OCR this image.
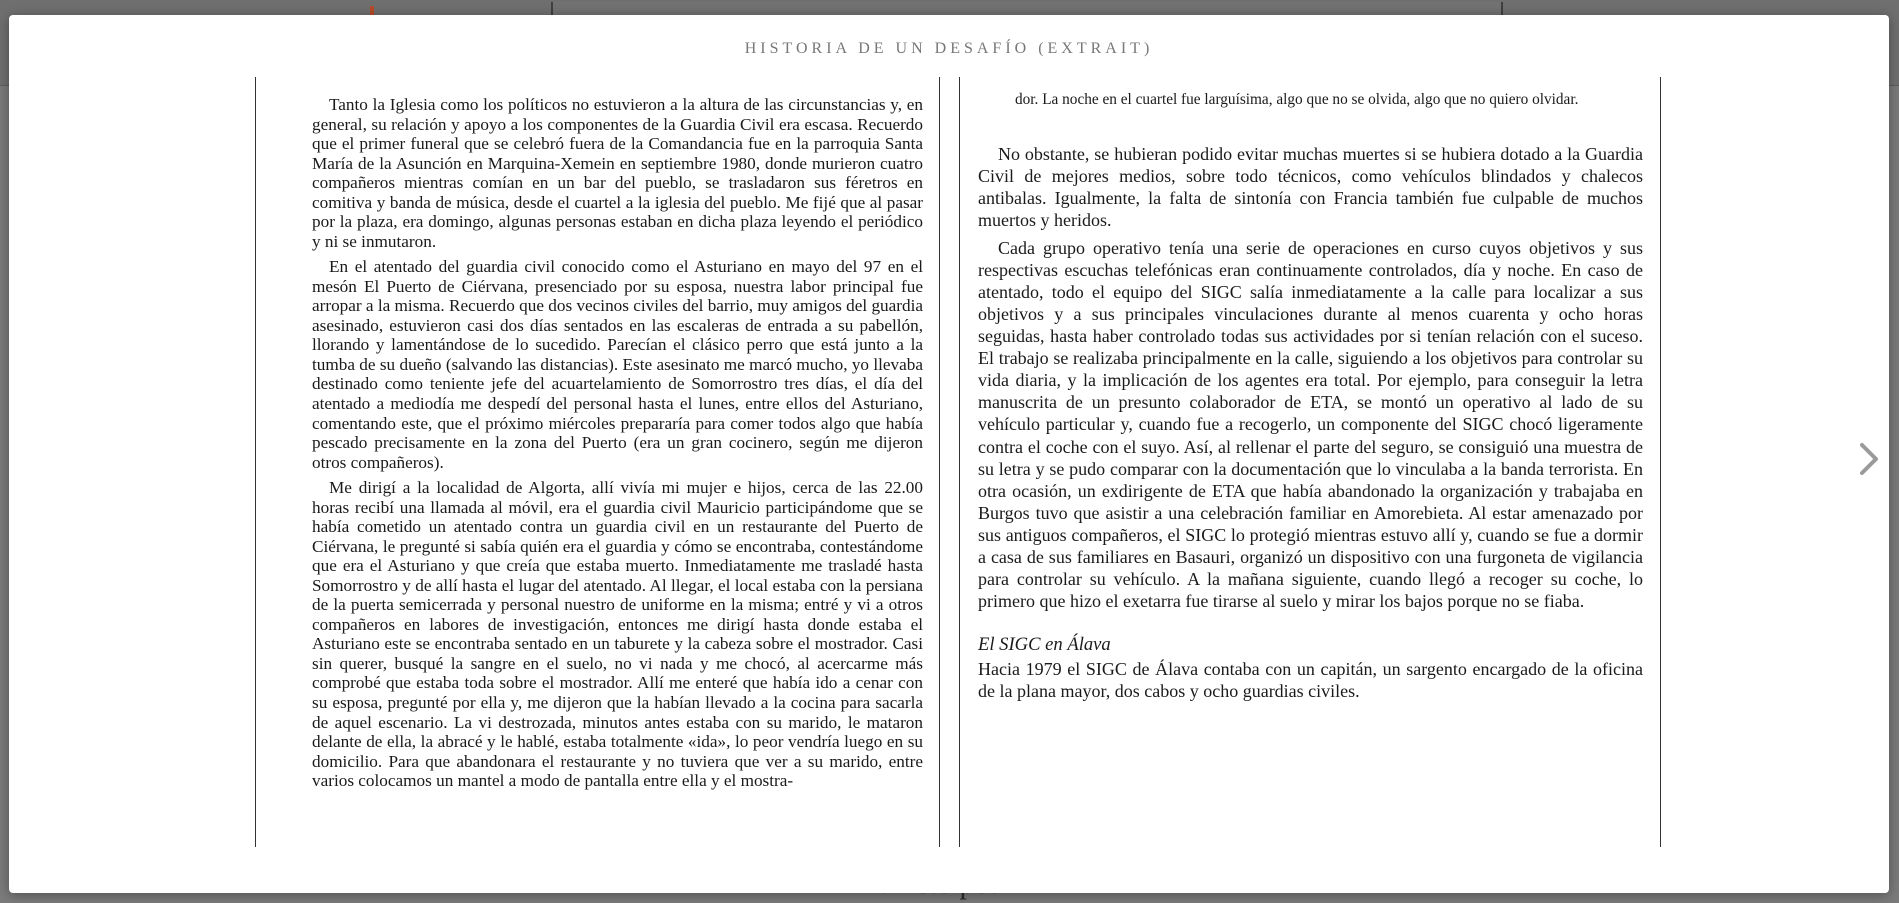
HISTORIA DE UN DESAFÍO (EXTRAIT)

Tanto la Iglesia como los políticos no estuvieron a la altura de las circunstancias y, en general, su relación y apoyo a los componentes de la Guardia Civil era escasa. Recuerdo que el primer funeral que se celebró fuera de la Comandancia fue en la parroquia Santa María de la Asunción en Marquina-Xemein en septiembre 1980, donde murieron cuatro compañeros mientras comían en un bar del pueblo, se trasladaron sus féretros en comitiva y banda de música, desde el cuartel a la iglesia del pueblo. Me fijé que al pasar por la plaza, era domingo, algunas personas estaban en dicha plaza leyendo el periódico y ni se inmutaron.

En el atentado del guardia civil conocido como el Asturiano en mayo del 97 en el mesón El Puerto de Ciérvana, presenciado por su esposa, nuestra labor principal fue arropar a la misma. Recuerdo que dos vecinos civiles del barrio, muy amigos del guardia asesinado, estuvieron casi dos días sentados en las escaleras de entrada a su pabellón, llorando y lamentándose de lo sucedido. Parecían el clásico perro que está junto a la tumba de su dueño (salvando las distancias). Este asesinato me marcó mucho, yo llevaba destinado como teniente jefe del acuartelamiento de Somorrostro tres días, el día del atentado a mediodía me despedí del personal hasta el lunes, entre ellos del Asturiano, comentando este, que el próximo miércoles prepararía para comer todos algo que había pescado precisamente en la zona del Puerto (era un gran cocinero, según me dijeron otros compañeros).

Me dirigí a la localidad de Algorta, allí vivía mi mujer e hijos, cerca de las 22.00 horas recibí una llamada al móvil, era el guardia civil Mauricio participándome que se había cometido un atentado contra un guardia civil en un restaurante del Puerto de Ciérvana, le pregunté si sabía quién era el guardia y cómo se encontraba, contestándome que era el Asturiano y que creía que estaba muerto. Inmediatamente me trasladé hasta Somorrostro y de allí hasta el lugar del atentado. Al llegar, el local estaba con la persiana de la puerta semicerrada y personal nuestro de uniforme en la misma; entré y vi a otros compañeros en labores de investigación, entonces me dirigí hasta donde estaba el Asturiano este se encontraba sentado en un taburete y la cabeza sobre el mostrador. Casi sin querer, busqué la sangre en el suelo, no vi nada y me chocó, al acercarme más comprobé que estaba toda sobre el mostrador. Allí me enteré que había ido a cenar con su esposa, pregunté por ella y, me dijeron que la habían llevado a la cocina para sacarla de aquel escenario. La vi destrozada, minutos antes estaba con su marido, le mataron delante de ella, la abracé y le hablé, estaba totalmente «ida», lo peor vendría luego en su domicilio. Para que abandonara el restaurante y no tuviera que ver a su marido, entre varios colocamos un mantel a modo de pantalla entre ella y el mostra-

dor. La noche en el cuartel fue larguísima, algo que no se olvida, algo que no quiero olvidar.

No obstante, se hubieran podido evitar muchas muertes si se hubiera dotado a la Guardia Civil de mejores medios, sobre todo técnicos, como vehículos blindados y chalecos antibalas. Igualmente, la falta de sintonía con Francia también fue culpable de muchos muertos y heridos.

Cada grupo operativo tenía una serie de operaciones en curso cuyos objetivos y sus respectivas escuchas telefónicas eran continuamente controlados, día y noche. En caso de atentado, todo el equipo del SIGC salía inmediatamente a la calle para localizar a sus objetivos y a sus principales vinculaciones durante al menos cuarenta y ocho horas seguidas, hasta haber controlado todas sus actividades por si tenían relación con el suceso. El trabajo se realizaba principalmente en la calle, siguiendo a los objetivos para controlar su vida diaria, y la implicación de los agentes era total. Por ejemplo, para conseguir la letra manuscrita de un presunto colaborador de ETA, se montó un operativo al lado de su vehículo particular y, cuando fue a recogerlo, un componente del SIGC chocó ligeramente contra el coche con el suyo. Así, al rellenar el parte del seguro, se consiguió una muestra de su letra y se pudo comparar con la documentación que lo vinculaba a la banda terrorista. En otra ocasión, un exdirigente de ETA que había abandonado la organización y trabajaba en Burgos tuvo que asistir a una celebración familiar en Amorebieta. Al estar amenazado por sus antiguos compañeros, el SIGC lo protegió mientras estuvo allí y, cuando se fue a dormir a casa de sus familiares en Basauri, organizó un dispositivo con una furgoneta de vigilancia para controlar su vehículo. A la mañana siguiente, cuando llegó a recoger su coche, lo primero que hizo el exetarra fue tirarse al suelo y mirar los bajos porque no se fiaba.

El SIGC en Álava

Hacia 1979 el SIGC de Álava contaba con un capitán, un sargento encargado de la oficina de la plana mayor, dos cabos y ocho guardias civiles.
